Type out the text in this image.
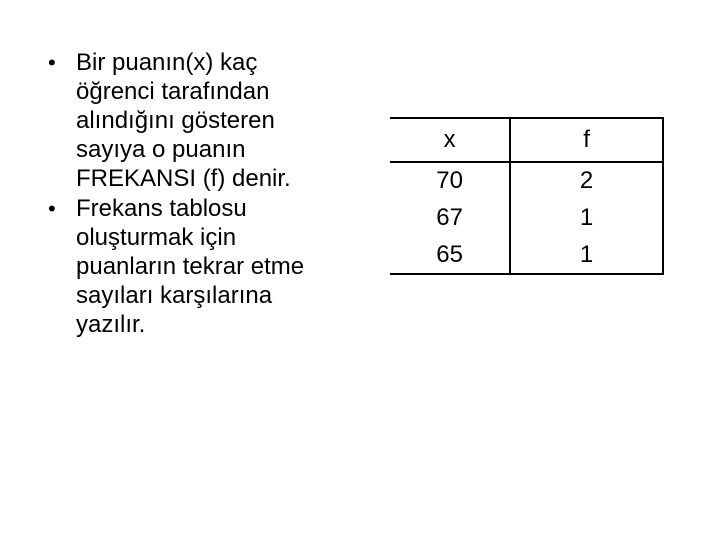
• Bir puanın(x) kaç
öğrenci tarafından
alındığını gösteren
sayıya o puanın
FREKANSI (f) denir.
• Frekans tablosu
oluşturmak için
puanların tekrar etme
sayıları karşılarına
yazılır.
x	f
70	2
67	1
65	1
